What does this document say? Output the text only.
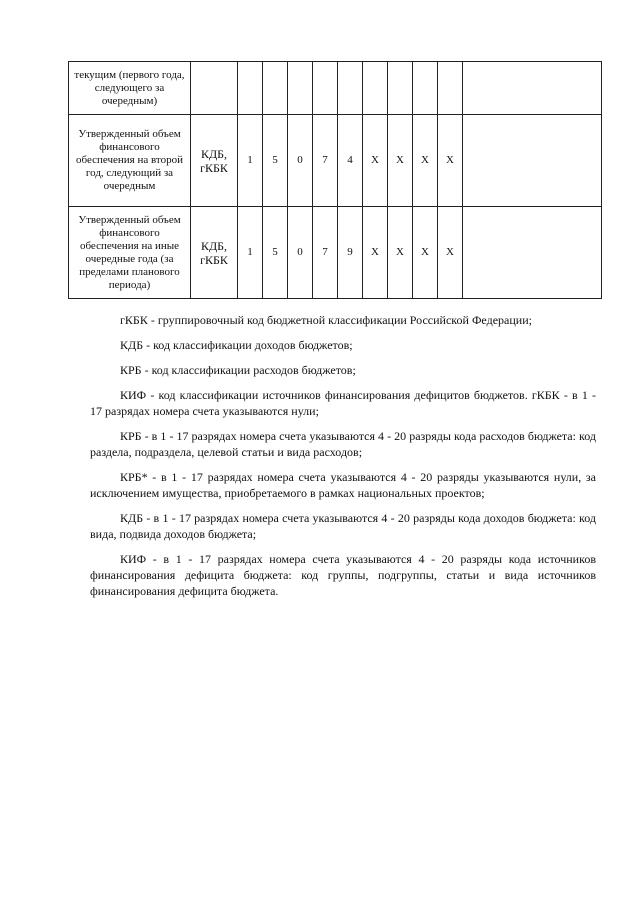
текущим (первого года, следующего за очередным)											
Утвержденный объем финансового обеспечения на второй год, следующий за очередным	КДБ, гКБК	1	5	0	7	4	X	X	X	X	
Утвержденный объем финансового обеспечения на иные очередные года (за пределами планового периода)	КДБ, гКБК	1	5	0	7	9	X	X	X	X	

гКБК - группировочный код бюджетной классификации Российской Федерации;

КДБ - код классификации доходов бюджетов;

КРБ - код классификации расходов бюджетов;

КИФ - код классификации источников финансирования дефицитов бюджетов. гКБК - в 1 - 17 разрядах номера счета указываются нули;

КРБ - в 1 - 17 разрядах номера счета указываются 4 - 20 разряды кода расходов бюджета: код раздела, подраздела, целевой статьи и вида расходов;

КРБ* - в 1 - 17 разрядах номера счета указываются 4 - 20 разряды указываются нули, за исключением имущества, приобретаемого в рамках национальных проектов;

КДБ - в 1 - 17 разрядах номера счета указываются 4 - 20 разряды кода доходов бюджета: код вида, подвида доходов бюджета;

КИФ - в 1 - 17 разрядах номера счета указываются 4 - 20 разряды кода источников финансирования дефицита бюджета: код группы, подгруппы, статьи и вида источников финансирования дефицита бюджета.
